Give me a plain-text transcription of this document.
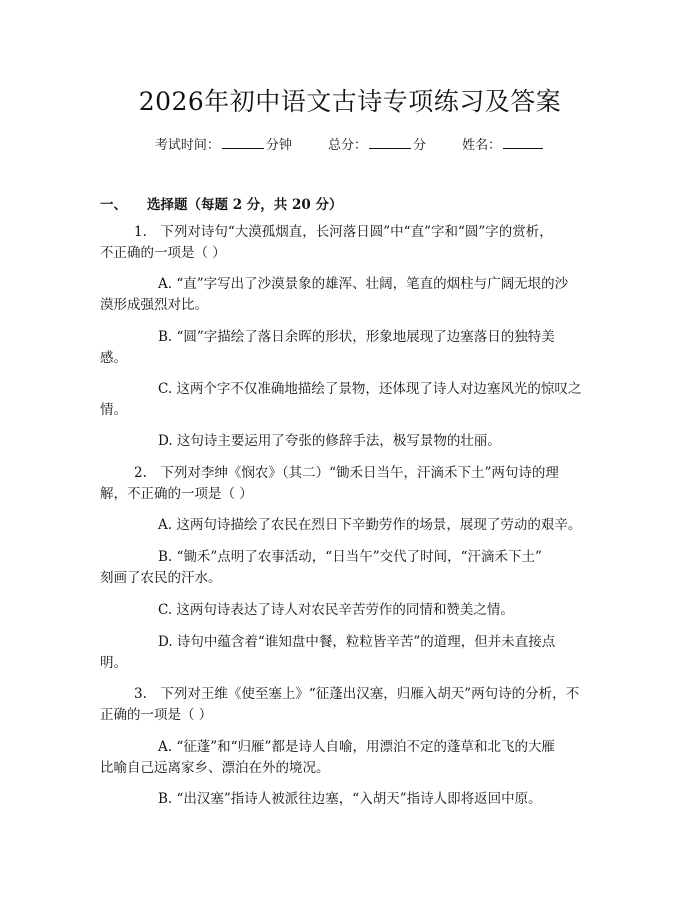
2026年初中语文古诗专项练习及答案
考试时间：	分钟	总分：	分	姓名：
一、 选择题（每题 2 分，共 20 分）
1.　下列对诗句“大漠孤烟直，长河落日圆”中“直”字和“圆”字的赏析，
不正确的一项是（ ）
A. “直”字写出了沙漠景象的雄浑、壮阔，笔直的烟柱与广阔无垠的沙
漠形成强烈对比。
B. “圆”字描绘了落日余晖的形状，形象地展现了边塞落日的独特美
感。
C. 这两个字不仅准确地描绘了景物，还体现了诗人对边塞风光的惊叹之
情。
D. 这句诗主要运用了夸张的修辞手法，极写景物的壮丽。
2.　下列对李绅《悯农》（其二）“锄禾日当午，汗滴禾下土”两句诗的理
解，不正确的一项是（ ）
A. 这两句诗描绘了农民在烈日下辛勤劳作的场景，展现了劳动的艰辛。
B. “锄禾”点明了农事活动，“日当午”交代了时间，“汗滴禾下土”
刻画了农民的汗水。
C. 这两句诗表达了诗人对农民辛苦劳作的同情和赞美之情。
D. 诗句中蕴含着“谁知盘中餐，粒粒皆辛苦”的道理，但并未直接点
明。
3.　下列对王维《使至塞上》“征蓬出汉塞，归雁入胡天”两句诗的分析，不
正确的一项是（ ）
A. “征蓬”和“归雁”都是诗人自喻，用漂泊不定的蓬草和北飞的大雁
比喻自己远离家乡、漂泊在外的境况。
B. “出汉塞”指诗人被派往边塞，“入胡天”指诗人即将返回中原。
